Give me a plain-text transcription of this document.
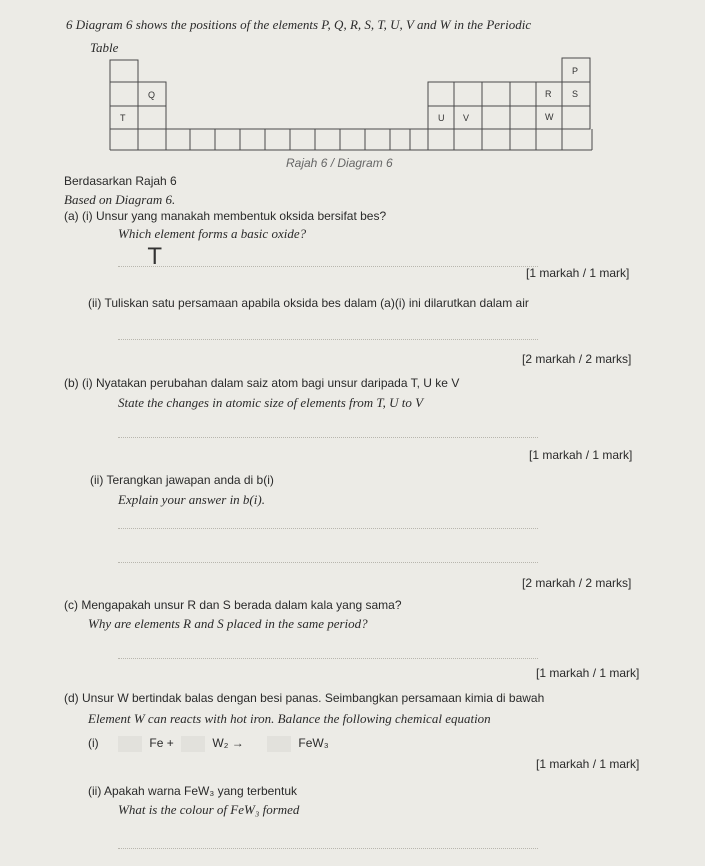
P
Q	R S
T	U V	W
6 Diagram 6 shows the positions of the elements P, Q, R, S, T, U, V and W in the Periodic
Table
Rajah 6 / Diagram 6
Berdasarkan Rajah 6
Based on Diagram 6.
(a) (i) Unsur yang manakah membentuk oksida bersifat bes?
Which element forms a basic oxide?
T
[1 markah / 1 mark]
(ii) Tuliskan satu persamaan apabila oksida bes dalam (a)(i) ini dilarutkan dalam air
[2 markah / 2 marks]
(b) (i) Nyatakan perubahan dalam saiz atom bagi unsur daripada T, U ke V
State the changes in atomic size of elements from T, U to V
[1 markah / 1 mark]
(ii) Terangkan jawapan anda di b(i)
Explain your answer in b(i).
[2 markah / 2 marks]
(c) Mengapakah unsur R dan S berada dalam kala yang sama?
Why are elements R and S placed in the same period?
[1 markah / 1 mark]
(d) Unsur W bertindak balas dengan besi panas. Seimbangkan persamaan kimia di bawah
Element W can reacts with hot iron. Balance the following chemical equation
(i)	Fe +	W₂ →	FeW₃
[1 markah / 1 mark]
(ii) Apakah warna FeW₃ yang terbentuk
What is the colour of FeW₃ formed
